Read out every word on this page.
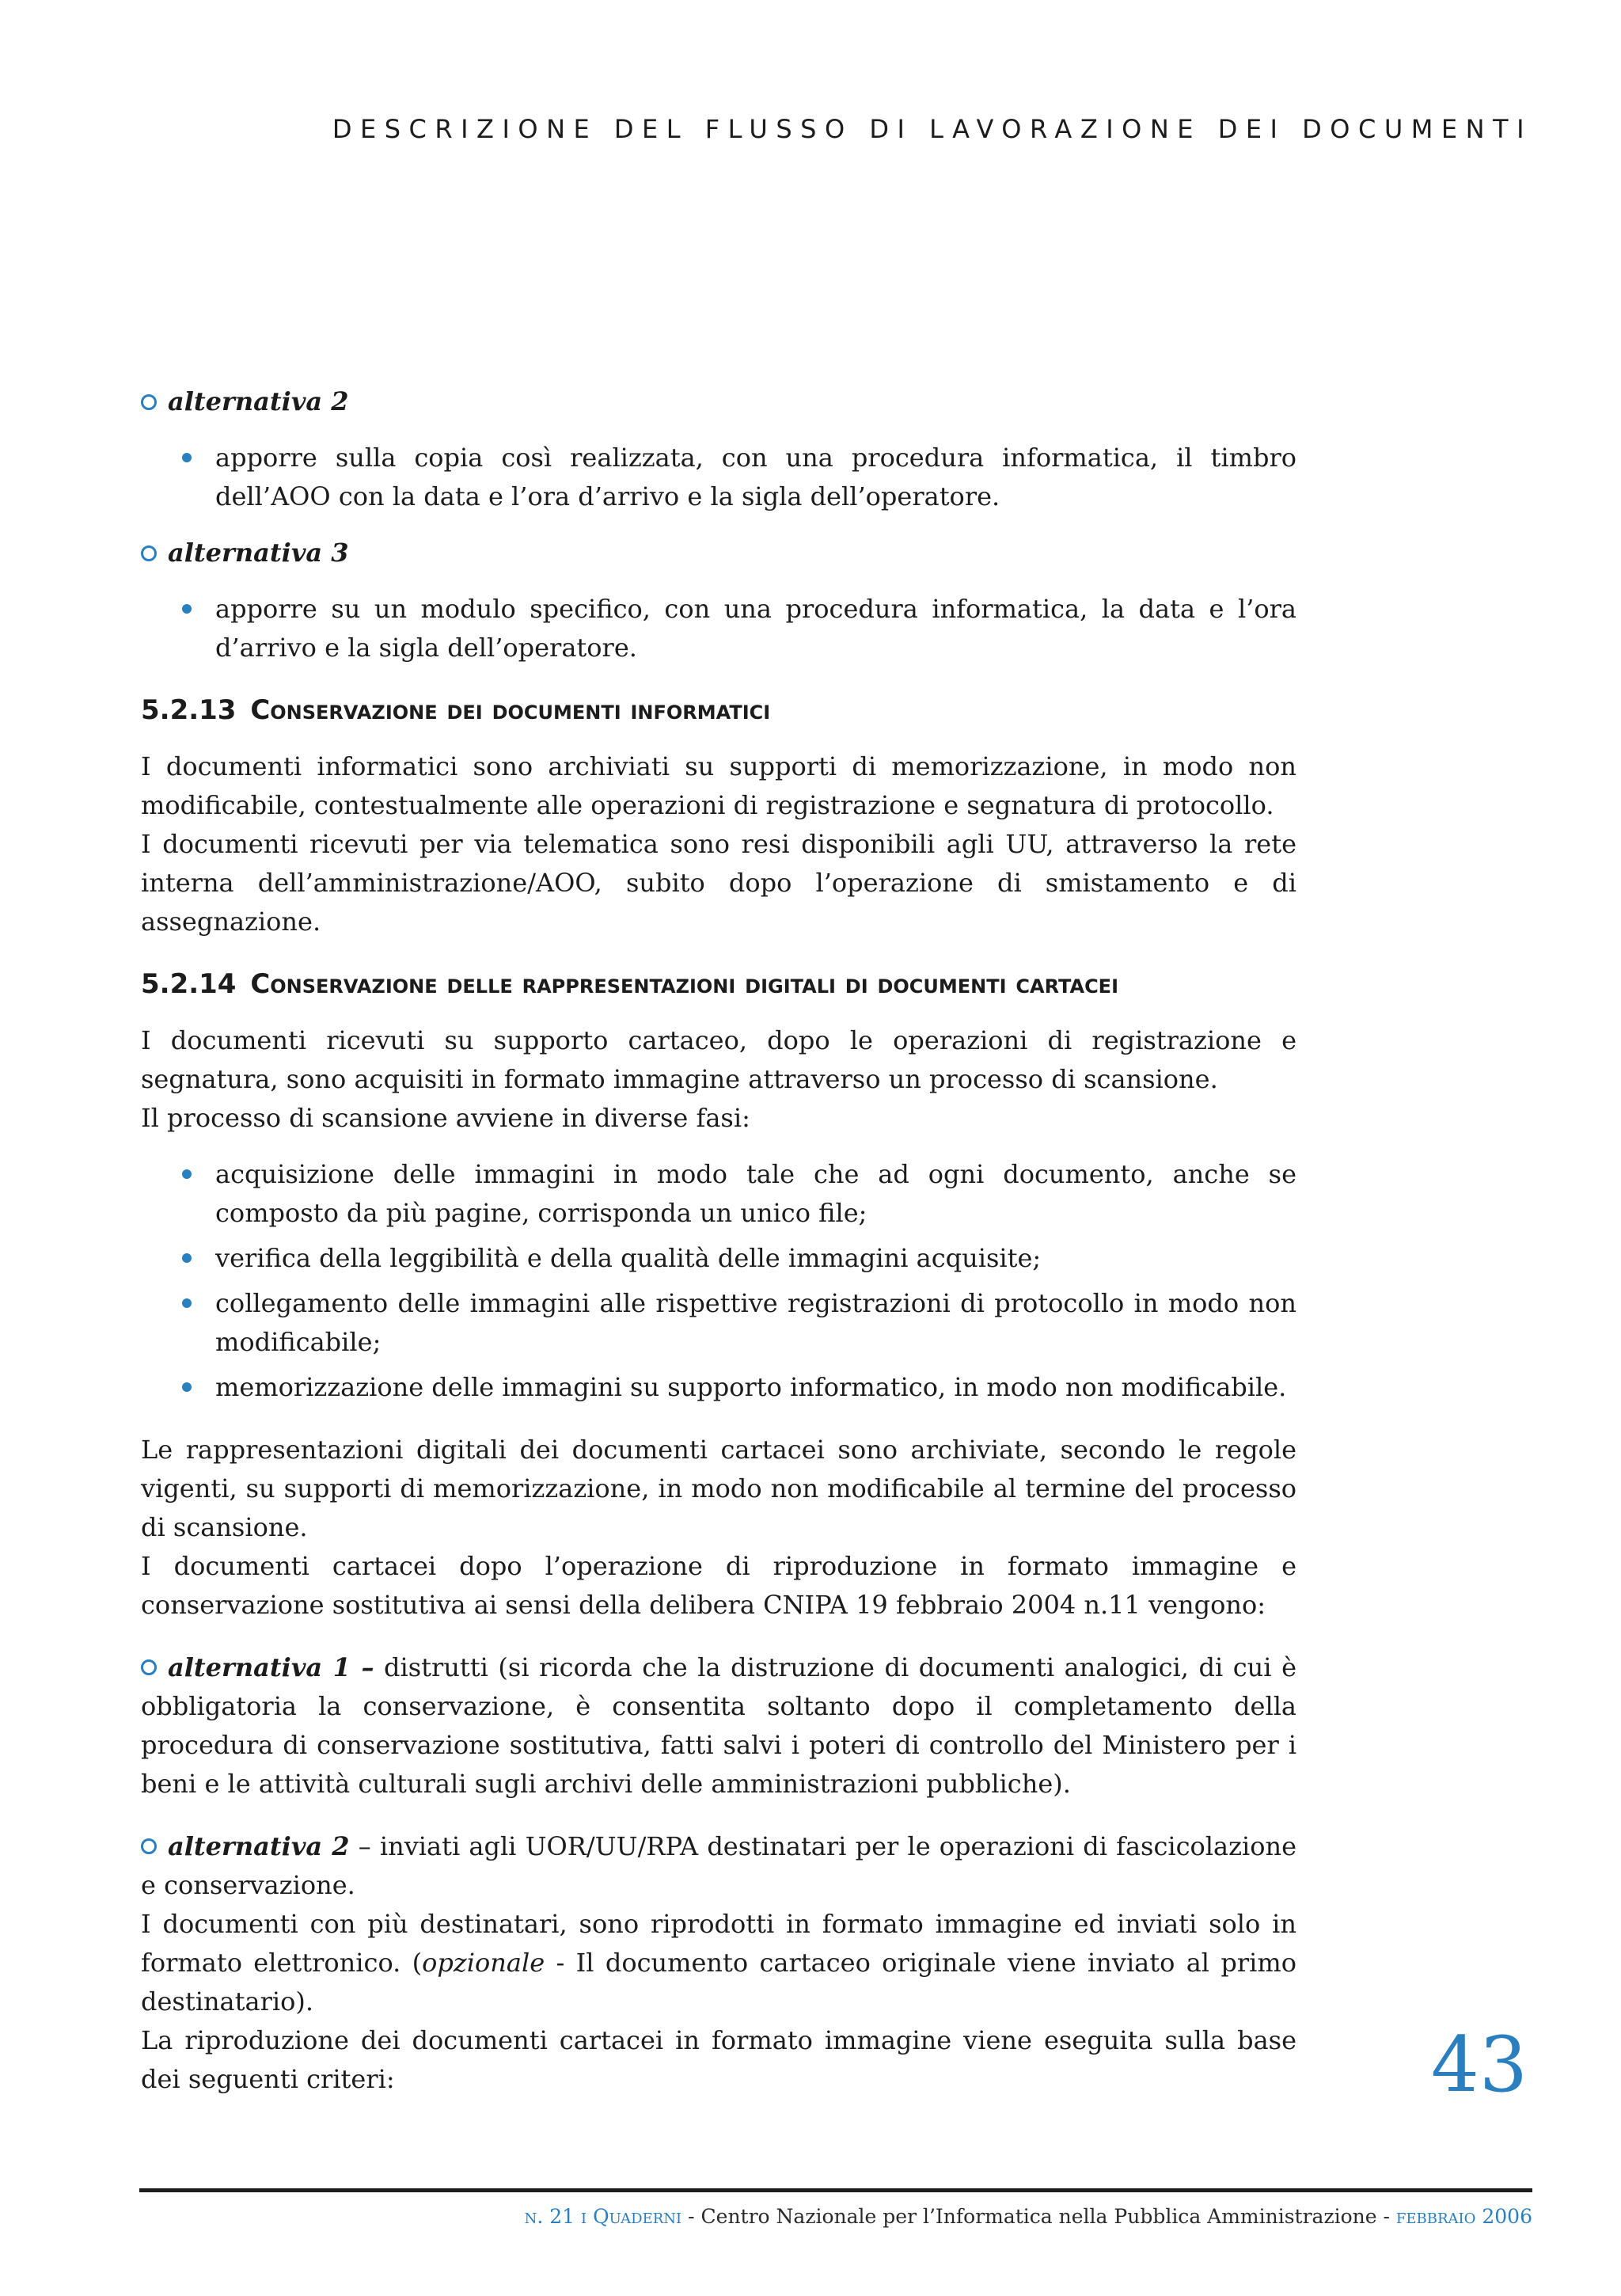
DESCRIZIONE DEL FLUSSO DI LAVORAZIONE DEI DOCUMENTI
alternativa 2
apporre sulla copia così realizzata, con una procedura informatica, il timbro dell’AOO con la data e l’ora d’arrivo e la sigla dell’operatore.
alternativa 3
apporre su un modulo specifico, con una procedura informatica, la data e l’ora d’arrivo e la sigla dell’operatore.
5.2.13 Conservazione dei documenti informatici

I documenti informatici sono archiviati su supporti di memorizzazione, in modo non modificabile, contestualmente alle operazioni di registrazione e segnatura di protocollo.

I documenti ricevuti per via telematica sono resi disponibili agli UU, attraverso la rete interna dell’amministrazione/AOO, subito dopo l’operazione di smistamento e di assegnazione.

5.2.14 Conservazione delle rappresentazioni digitali di documenti cartacei

I documenti ricevuti su supporto cartaceo, dopo le operazioni di registrazione e segnatura, sono acquisiti in formato immagine attraverso un processo di scansione.

Il processo di scansione avviene in diverse fasi:

acquisizione delle immagini in modo tale che ad ogni documento, anche se composto da più pagine, corrisponda un unico file;
verifica della leggibilità e della qualità delle immagini acquisite;
collegamento delle immagini alle rispettive registrazioni di protocollo in modo non modificabile;
memorizzazione delle immagini su supporto informatico, in modo non modificabile.

Le rappresentazioni digitali dei documenti cartacei sono archiviate, secondo le regole vigenti, su supporti di memorizzazione, in modo non modificabile al termine del processo di scansione.

I documenti cartacei dopo l’operazione di riproduzione in formato immagine e conservazione sostitutiva ai sensi della delibera CNIPA 19 febbraio 2004 n.11 vengono:

alternativa 1 – distrutti (si ricorda che la distruzione di documenti analogici, di cui è obbligatoria la conservazione, è consentita soltanto dopo il completamento della procedura di conservazione sostitutiva, fatti salvi i poteri di controllo del Ministero per i beni e le attività culturali sugli archivi delle amministrazioni pubbliche).

alternativa 2 – inviati agli UOR/UU/RPA destinatari per le operazioni di fascicolazione e conservazione.

I documenti con più destinatari, sono riprodotti in formato immagine ed inviati solo in formato elettronico. (opzionale - Il documento cartaceo originale viene inviato al primo destinatario).

La riproduzione dei documenti cartacei in formato immagine viene eseguita sulla base dei seguenti criteri:	43
n. 21 i Quaderni - Centro Nazionale per l’Informatica nella Pubblica Amministrazione - febbraio 2006
